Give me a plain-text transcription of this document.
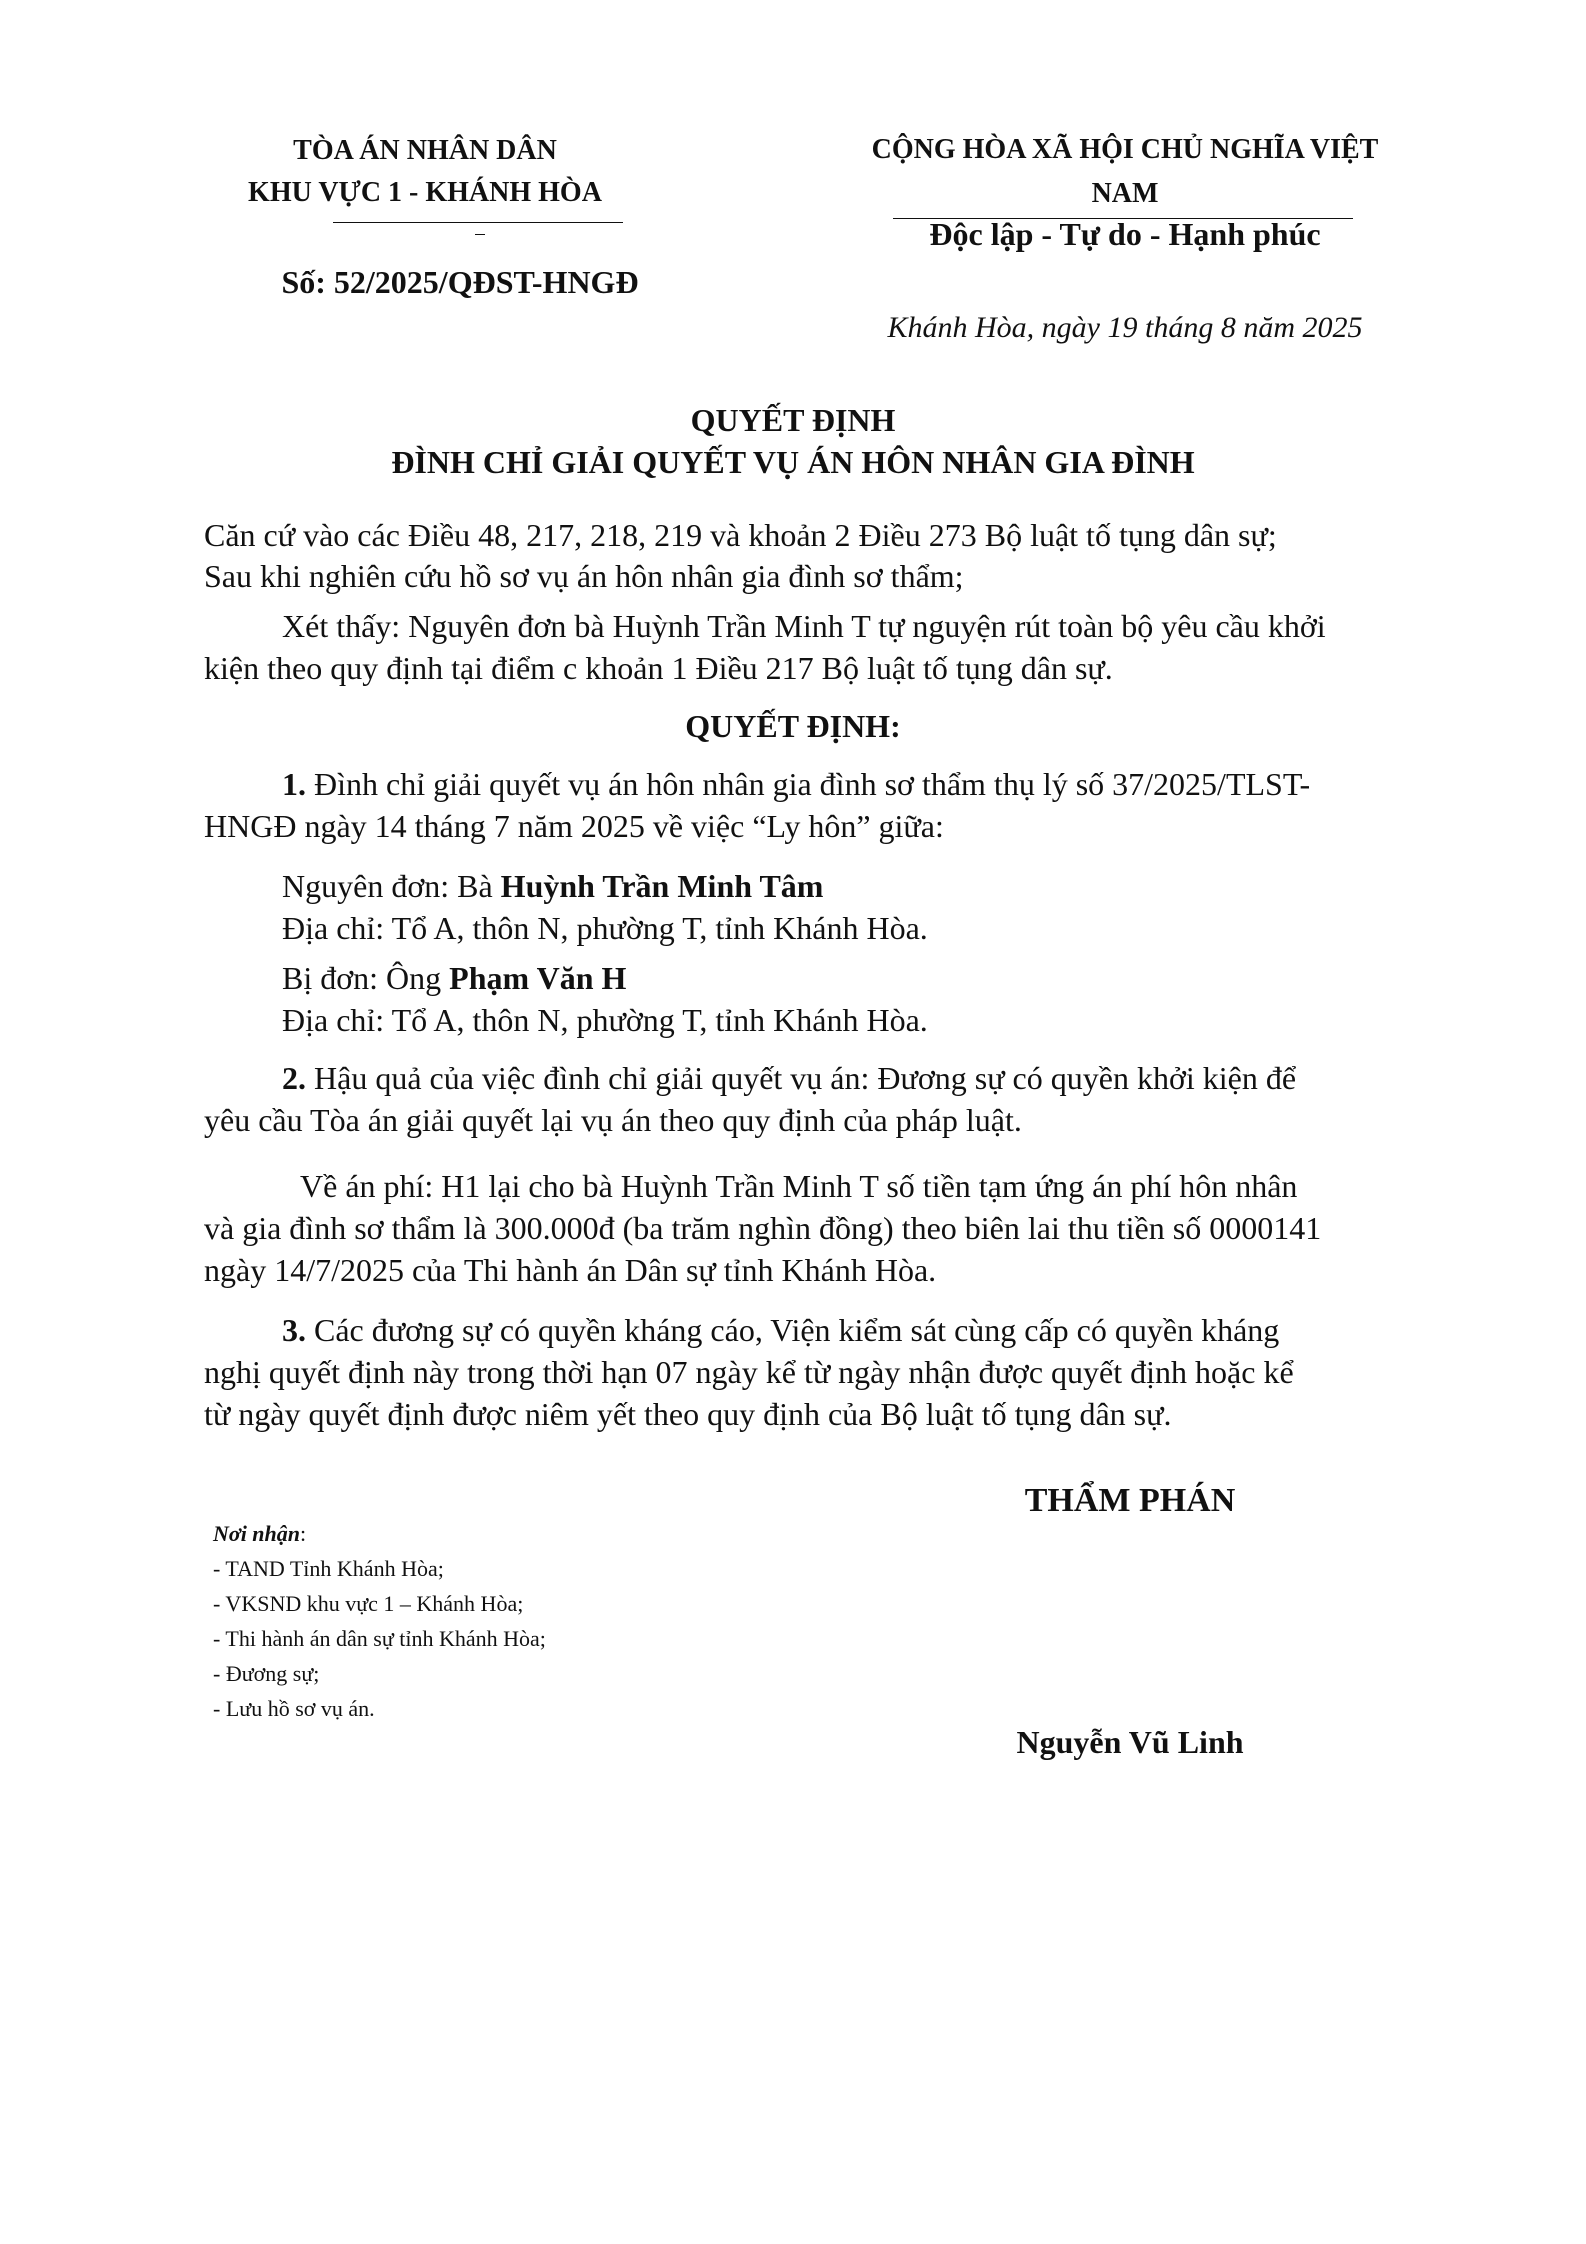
TÒA ÁN NHÂN DÂN
KHU VỰC 1 - KHÁNH HÒA
Số: 52/2025/QĐST-HNGĐ
CỘNG HÒA XÃ HỘI CHỦ NGHĨA VIỆT
NAM
Độc lập - Tự do - Hạnh phúc
Khánh Hòa, ngày 19 tháng 8 năm 2025
QUYẾT ĐỊNH
ĐÌNH CHỈ GIẢI QUYẾT VỤ ÁN HÔN NHÂN GIA ĐÌNH
Căn cứ vào các Điều 48, 217, 218, 219 và khoản 2 Điều 273 Bộ luật tố tụng dân sự;
Sau khi nghiên cứu hồ sơ vụ án hôn nhân gia đình sơ thẩm;
Xét thấy: Nguyên đơn bà Huỳnh Trần Minh T tự nguyện rút toàn bộ yêu cầu khởi
kiện theo quy định tại điểm c khoản 1 Điều 217 Bộ luật tố tụng dân sự.
QUYẾT ĐỊNH:
1. Đình chỉ giải quyết vụ án hôn nhân gia đình sơ thẩm thụ lý số 37/2025/TLST-
HNGĐ ngày 14 tháng 7 năm 2025 về việc “Ly hôn” giữa:
Nguyên đơn: Bà Huỳnh Trần Minh Tâm
Địa chỉ: Tổ A, thôn N, phường T, tỉnh Khánh Hòa.
Bị đơn: Ông Phạm Văn H
Địa chỉ: Tổ A, thôn N, phường T, tỉnh Khánh Hòa.
2. Hậu quả của việc đình chỉ giải quyết vụ án: Đương sự có quyền khởi kiện để
yêu cầu Tòa án giải quyết lại vụ án theo quy định của pháp luật.
Về án phí: H1 lại cho bà Huỳnh Trần Minh T số tiền tạm ứng án phí hôn nhân
và gia đình sơ thẩm là 300.000đ (ba trăm nghìn đồng) theo biên lai thu tiền số 0000141
ngày 14/7/2025 của Thi hành án Dân sự tỉnh Khánh Hòa.
3. Các đương sự có quyền kháng cáo, Viện kiểm sát cùng cấp có quyền kháng
nghị quyết định này trong thời hạn 07 ngày kể từ ngày nhận được quyết định hoặc kể
từ ngày quyết định được niêm yết theo quy định của Bộ luật tố tụng dân sự.
Nơi nhận:
- TAND Tỉnh Khánh Hòa;
- VKSND khu vực 1 – Khánh Hòa;
- Thi hành án dân sự tỉnh Khánh Hòa;
- Đương sự;
- Lưu hồ sơ vụ án.
THẨM PHÁN
Nguyễn Vũ Linh
